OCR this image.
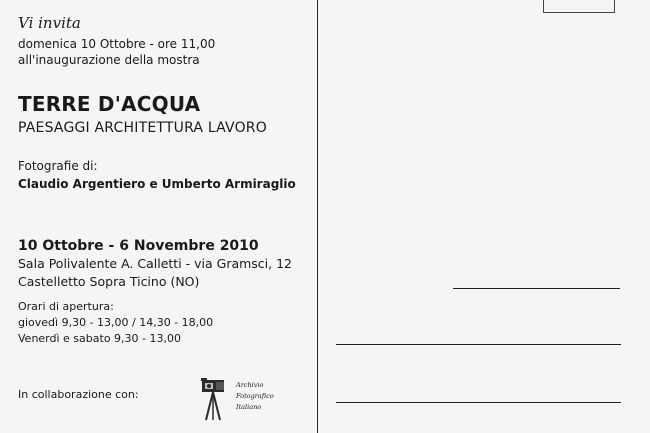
Vi invita
domenica 10 Ottobre - ore 11,00
all'inaugurazione della mostra
TERRE D'ACQUA
PAESAGGI ARCHITETTURA LAVORO
Fotografie di:
Claudio Argentiero e Umberto Armiraglio
10 Ottobre - 6 Novembre 2010
Sala Polivalente A. Calletti - via Gramsci, 12
Castelletto Sopra Ticino (NO)
Orari di apertura:
giovedì 9,30 - 13,00 / 14,30 - 18,00
Venerdì e sabato 9,30 - 13,00
In collaborazione con:
Archivio
Fotografico
Italiano
